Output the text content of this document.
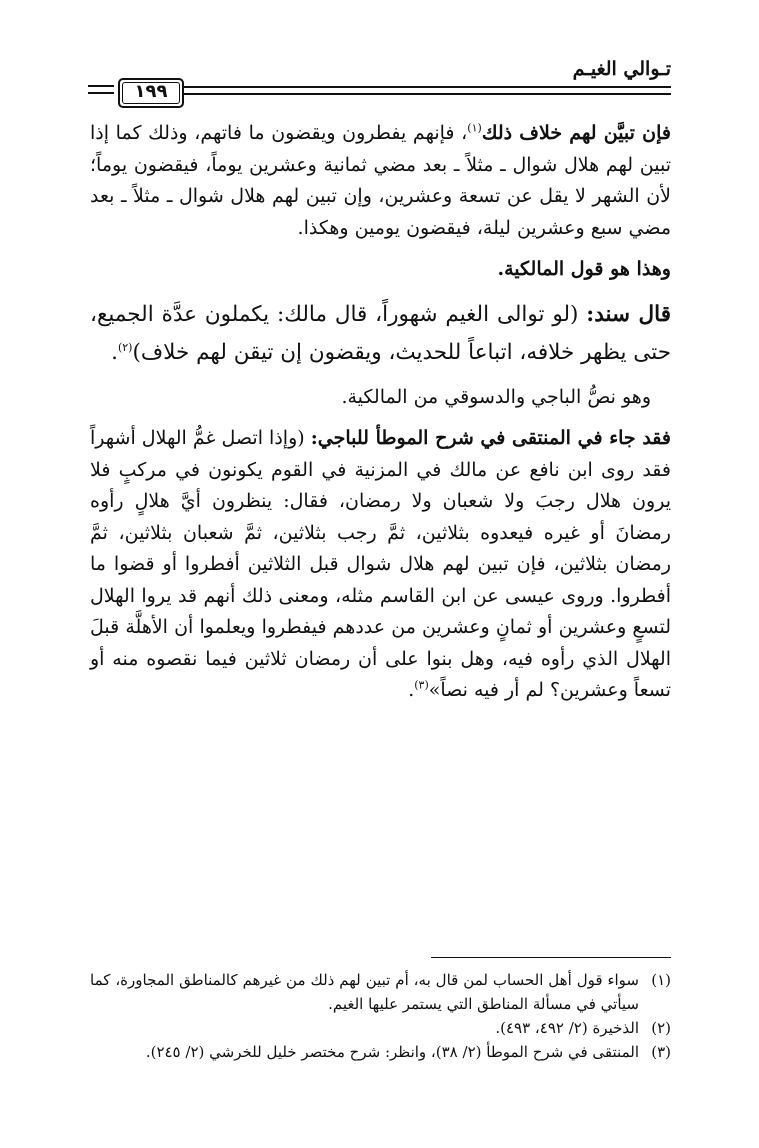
تـوالي الغيـم
١٩٩

فإن تبيَّن لهم خلاف ذلك$^{(١)}$، فإنهم يفطرون ويقضون ما فاتهم، وذلك كما إذا تبين لهم هلال شوال ـ مثلاً ـ بعد مضي ثمانية وعشرين يوماً، فيقضون يوماً؛ لأن الشهر لا يقل عن تسعة وعشرين، وإن تبين لهم هلال شوال ـ مثلاً ـ بعد مضي سبع وعشرين ليلة، فيقضون يومين وهكذا.

وهذا هو قول المالكية.

قال سند: (لو توالى الغيم شهوراً، قال مالك: يكملون عدَّة الجميع، حتى يظهر خلافه، اتباعاً للحديث، ويقضون إن تيقن لهم خلاف)$^{(٢)}$.

وهو نصُّ الباجي والدسوقي من المالكية.

فقد جاء في المنتقى في شرح الموطأ للباجي: (وإذا اتصل غمُّ الهلال أشهراً فقد روى ابن نافع عن مالك في المزنية في القوم يكونون في مركبٍ فلا يرون هلال رجبَ ولا شعبان ولا رمضان، فقال: ينظرون أيَّ هلالٍ رأوه رمضانَ أو غيره فيعدوه بثلاثين، ثمَّ رجب بثلاثين، ثمَّ شعبان بثلاثين، ثمَّ رمضان بثلاثين، فإن تبين لهم هلال شوال قبل الثلاثين أفطروا أو قضوا ما أفطروا. وروى عيسى عن ابن القاسم مثله، ومعنى ذلك أنهم قد يروا الهلال لتسعٍ وعشرين أو ثمانٍ وعشرين من عددهم فيفطروا ويعلموا أن الأهلَّة قبلَ الهلال الذي رأوه فيه، وهل بنوا على أن رمضان ثلاثين فيما نقصوه منه أو تسعاً وعشرين؟ لم أر فيه نصاً»$^{(٣)}$.

(١)
سواء قول أهل الحساب لمن قال به، أم تبين لهم ذلك من غيرهم كالمناطق المجاورة، كما سيأتي في مسألة المناطق التي يستمر عليها الغيم.
(٢)
الذخيرة (٢/ ٤٩٢، ٤٩٣).
(٣)
المنتقى في شرح الموطأ (٢/ ٣٨)، وانظر: شرح مختصر خليل للخرشي (٢/ ٢٤٥).
